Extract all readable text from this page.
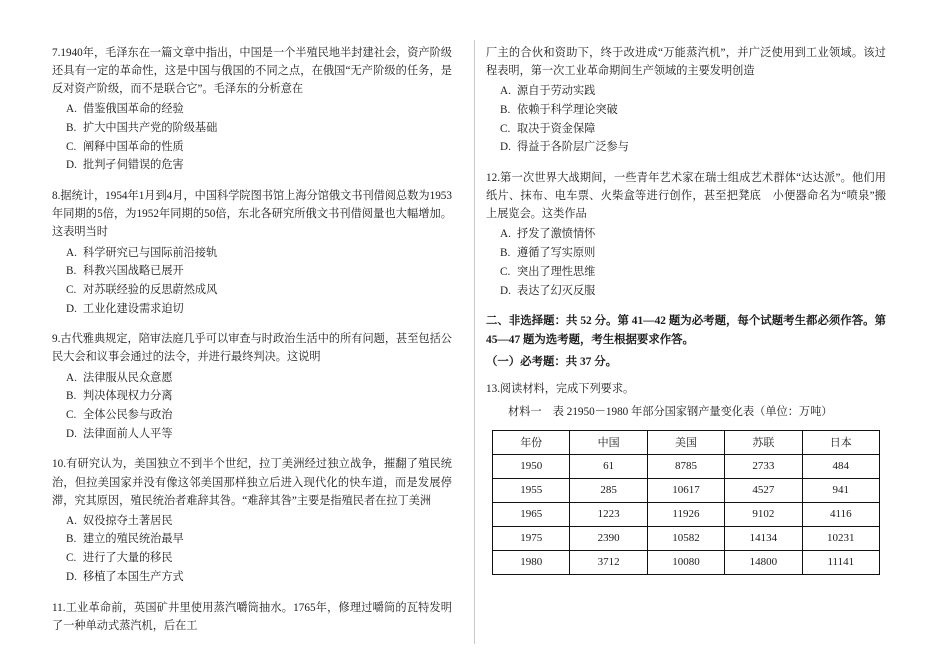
7.1940年，毛泽东在一篇文章中指出，中国是一个半殖民地半封建社会，资产阶级还具有一定的革命性，这是中国与俄国的不同之点，在俄国“无产阶级的任务，是反对资产阶级，而不是联合它”。毛泽东的分析意在

A. 借鉴俄国革命的经验

B. 扩大中国共产党的阶级基础

C. 阐释中国革命的性质

D. 批判孑伺错误的危害

8.据统计，1954年1月到4月，中国科学院图书馆上海分馆俄文书刊借阅总数为1953年同期的5倍，为1952年同期的50倍，东北各研究所俄文书刊借阅量也大幅增加。这表明当时

A. 科学研究已与国际前沿接轨

B. 科教兴国战略已展开

C. 对苏联经验的反思蔚然成风

D. 工业化建设需求迫切

9.古代雅典规定，陪审法庭几乎可以审查与时政治生活中的所有问题，甚至包括公民大会和议事会通过的法令，并进行最终判决。这说明

A. 法律服从民众意愿

B. 判决体现权力分离

C. 全体公民参与政治

D. 法律面前人人平等

10.有研究认为，美国独立不到半个世纪，拉丁美洲经过独立战争，摧翻了殖民统治，但拉美国家并没有像这邻美国那样独立后进入现代化的快车道，而是发展停滞，究其原因，殖民统治者难辞其咎。“难辞其咎”主要是指殖民者在拉丁美洲

A. 奴役掠夺土著居民

B. 建立的殖民统治最早

C. 进行了大量的移民

D. 移植了本国生产方式

11.工业革命前，英国矿井里使用蒸汽嚼筒抽水。1765年，修理过嚼筒的瓦特发明了一种单动式蒸汽机，后在工

厂主的合伙和资助下，终于改进成“万能蒸汽机”，并广泛使用到工业领域。该过程表明，第一次工业革命期间生产领域的主要发明创造

A. 源自于劳动实践

B. 依赖于科学理论突破

C. 取决于资金保障

D. 得益于各阶层广泛参与

12.第一次世界大战期间，一些青年艺术家在瑞士组成艺术群体“达达派”。他们用纸片、抹布、电车票、火柴盒等进行创作，甚至把凳底　小便器命名为“喷泉”搬上展览会。这类作品

A. 抒发了激愤情怀

B. 遵循了写实原则

C. 突出了理性思维

D. 表达了幻灭反服

二、非选择题：共 52 分。第 41—42 题为必考题，每个试题考生都必须作答。第 45—47 题为选考题，考生根据要求作答。

（一）必考题：共 37 分。

13.阅读材料，完成下列要求。

材料一　表 21950－1980 年部分国家钢产量变化表（单位：万吨）

年份	中国	美国	苏联	日本
1950	61	8785	2733	484
1955	285	10617	4527	941
1965	1223	11926	9102	4116
1975	2390	10582	14134	10231
1980	3712	10080	14800	11141
